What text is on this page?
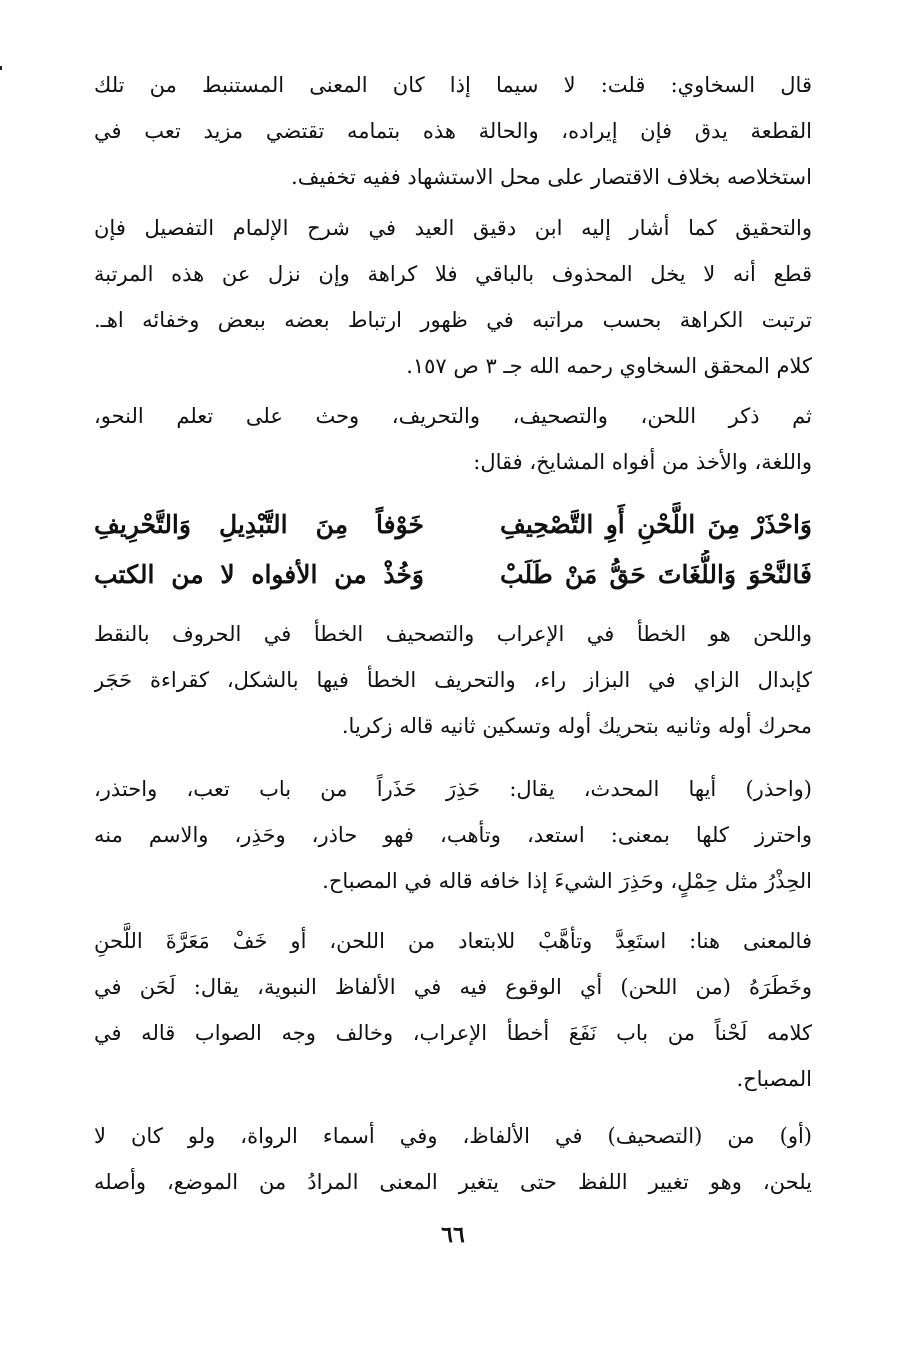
قال السخاوي: قلت: لا سيما إذا كان المعنى المستنبط من تلك
القطعة يدق فإن إيراده، والحالة هذه بتمامه تقتضي مزيد تعب في
استخلاصه بخلاف الاقتصار على محل الاستشهاد ففيه تخفيف.
والتحقيق كما أشار إليه ابن دقيق العيد في شرح الإلمام التفصيل فإن
قطع أنه لا يخل المحذوف بالباقي فلا كراهة وإن نزل عن هذه المرتبة
ترتبت الكراهة بحسب مراتبه في ظهور ارتباط بعضه ببعض وخفائه اهـ.
كلام المحقق السخاوي رحمه الله جـ ٣ ص ١٥٧.
ثم ذكر اللحن، والتصحيف، والتحريف، وحث على تعلم النحو،
واللغة، والأخذ من أفواه المشايخ، فقال:
وَاحْذَرْ مِنَ اللَّحْنِ أَوِ التَّصْحِيفِ
خَوْفاً مِنَ التَّبْدِيلِ وَالتَّحْرِيفِ
فَالنَّحْوَ وَاللُّغَاتَ حَقُّ مَنْ طَلَبْ
وَخُذْ من الأفواه لا من الكتب
واللحن هو الخطأ في الإعراب والتصحيف الخطأ في الحروف بالنقط
كإبدال الزاي في البزاز راء، والتحريف الخطأ فيها بالشكل، كقراءة حَجَر
محرك أوله وثانيه بتحريك أوله وتسكين ثانيه قاله زكريا.
(واحذر) أيها المحدث، يقال: حَذِرَ حَذَراً من باب تعب، واحتذر،
واحترز كلها بمعنى: استعد، وتأهب، فهو حاذر، وحَذِر، والاسم منه
الحِذْرُ مثل حِمْلٍ، وحَذِرَ الشيءَ إذا خافه قاله في المصباح.
فالمعنى هنا: استَعِدَّ وتأهَّبْ للابتعاد من اللحن، أو خَفْ مَعَرَّةَ اللَّحنِ
وخَطَرَهُ (من اللحن) أي الوقوع فيه في الألفاظ النبوية، يقال: لَحَن في
كلامه لَحْناً من باب نَفَعَ أخطأ الإعراب، وخالف وجه الصواب قاله في
المصباح.
(أو) من (التصحيف) في الألفاظ، وفي أسماء الرواة، ولو كان لا
يلحن، وهو تغيير اللفظ حتى يتغير المعنى المرادُ من الموضع، وأصله
٦٦
